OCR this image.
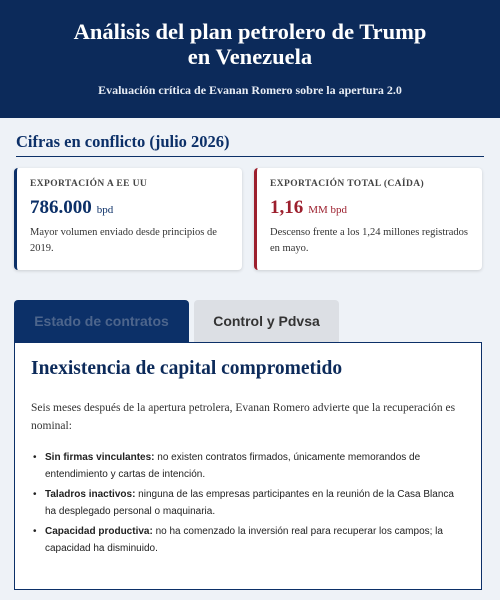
Análisis del plan petrolero de Trump
en Venezuela
Evaluación crítica de Evanan Romero sobre la apertura 2.0
Cifras en conflicto (julio 2026)
EXPORTACIÓN A EE UU
786.000 bpd
Mayor volumen enviado desde principios de 2019.
EXPORTACIÓN TOTAL (CAÍDA)
1,16 MM bpd
Descenso frente a los 1,24 millones registrados en mayo.
Estado de contratos	Control y Pdvsa
Inexistencia de capital comprometido

Seis meses después de la apertura petrolera, Evanan Romero advierte que la recuperación es nominal:

• Sin firmas vinculantes: no existen contratos firmados, únicamente memorandos de entendimiento y cartas de intención.
• Taladros inactivos: ninguna de las empresas participantes en la reunión de la Casa Blanca ha desplegado personal o maquinaria.
• Capacidad productiva: no ha comenzado la inversión real para recuperar los campos; la capacidad ha disminuido.
